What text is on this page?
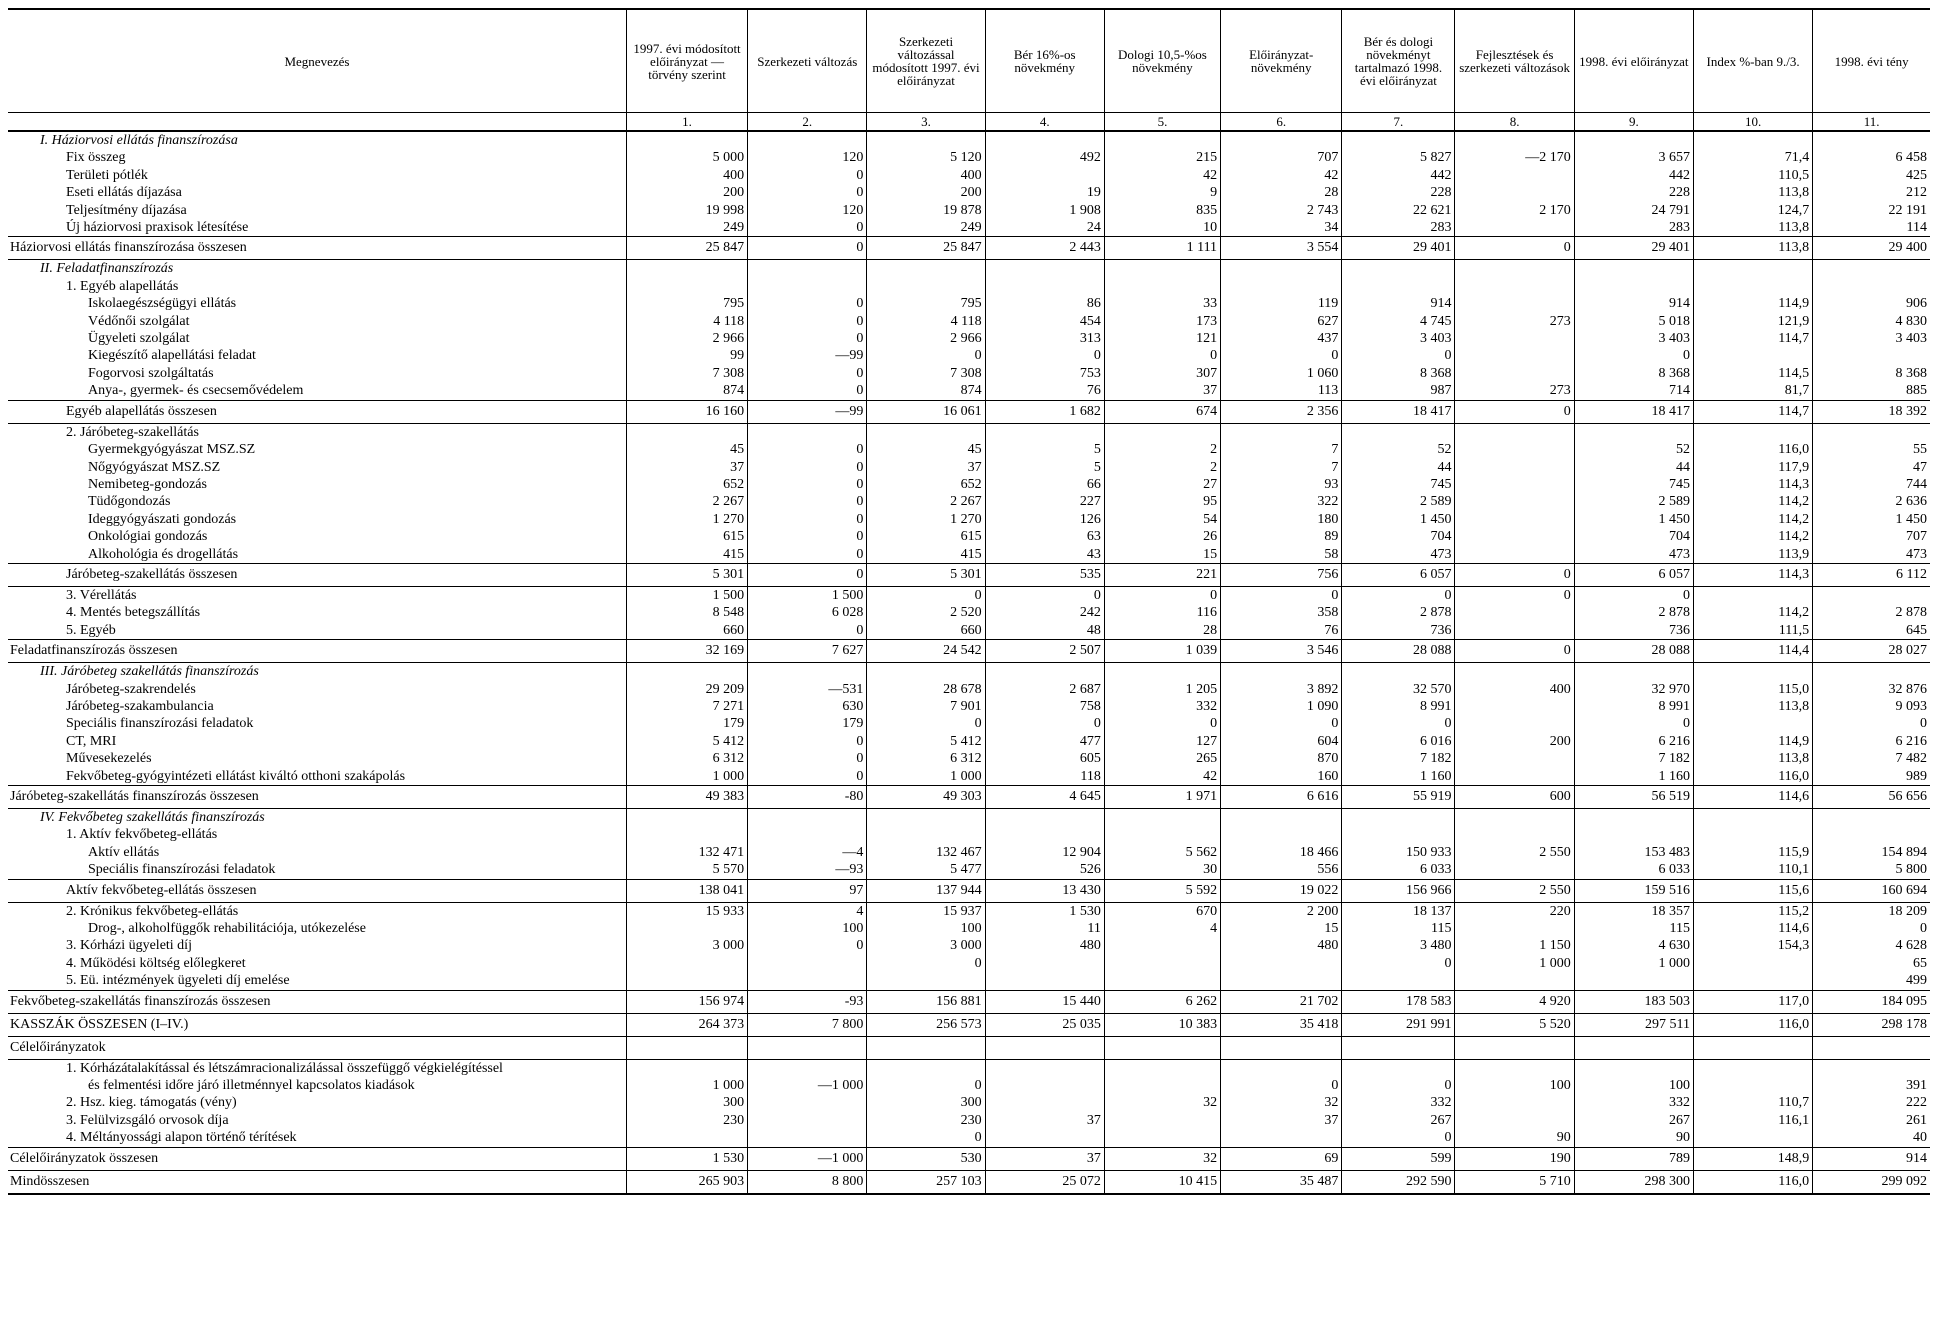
Megnevezés	1997. évi módosított előirányzat — törvény szerint	Szerkezeti változás	Szerkezeti változással módosított 1997. évi előirányzat	Bér 16%-os növekmény	Dologi 10,5-%os növekmény	Előirányzat-növekmény	Bér és dologi növekményt tartalmazó 1998. évi előirányzat	Fejlesztések és szerkezeti változások	1998. évi előirányzat	Index %-ban 9./3.	1998. évi tény
	1.	2.	3.	4.	5.	6.	7.	8.	9.	10.	11.
I. Háziorvosi ellátás finanszírozása											
Fix összeg	5 000	120	5 120	492	215	707	5 827	—2 170	3 657	71,4	6 458
Területi pótlék	400	0	400		42	42	442		442	110,5	425
Eseti ellátás díjazása	200	0	200	19	9	28	228		228	113,8	212
Teljesítmény díjazása	19 998	120	19 878	1 908	835	2 743	22 621	2 170	24 791	124,7	22 191
Új háziorvosi praxisok létesítése	249	0	249	24	10	34	283		283	113,8	114
Háziorvosi ellátás finanszírozása összesen	25 847	0	25 847	2 443	1 111	3 554	29 401	0	29 401	113,8	29 400
II. Feladatfinanszírozás											
1. Egyéb alapellátás											
Iskolaegészségügyi ellátás	795	0	795	86	33	119	914		914	114,9	906
Védőnői szolgálat	4 118	0	4 118	454	173	627	4 745	273	5 018	121,9	4 830
Ügyeleti szolgálat	2 966	0	2 966	313	121	437	3 403		3 403	114,7	3 403
Kiegészítő alapellátási feladat	99	—99	0	0	0	0	0		0		
Fogorvosi szolgáltatás	7 308	0	7 308	753	307	1 060	8 368		8 368	114,5	8 368
Anya-, gyermek- és csecsemővédelem	874	0	874	76	37	113	987	273	714	81,7	885
Egyéb alapellátás összesen	16 160	—99	16 061	1 682	674	2 356	18 417	0	18 417	114,7	18 392
2. Járóbeteg-szakellátás											
Gyermekgyógyászat MSZ.SZ	45	0	45	5	2	7	52		52	116,0	55
Nőgyógyászat MSZ.SZ	37	0	37	5	2	7	44		44	117,9	47
Nemibeteg-gondozás	652	0	652	66	27	93	745		745	114,3	744
Tüdőgondozás	2 267	0	2 267	227	95	322	2 589		2 589	114,2	2 636
Ideggyógyászati gondozás	1 270	0	1 270	126	54	180	1 450		1 450	114,2	1 450
Onkológiai gondozás	615	0	615	63	26	89	704		704	114,2	707
Alkohológia és drogellátás	415	0	415	43	15	58	473		473	113,9	473
Járóbeteg-szakellátás összesen	5 301	0	5 301	535	221	756	6 057	0	6 057	114,3	6 112
3. Vérellátás	1 500	1 500	0	0	0	0	0	0	0		
4. Mentés betegszállítás	8 548	6 028	2 520	242	116	358	2 878		2 878	114,2	2 878
5. Egyéb	660	0	660	48	28	76	736		736	111,5	645
Feladatfinanszírozás összesen	32 169	7 627	24 542	2 507	1 039	3 546	28 088	0	28 088	114,4	28 027
III. Járóbeteg szakellátás finanszírozás											
Járóbeteg-szakrendelés	29 209	—531	28 678	2 687	1 205	3 892	32 570	400	32 970	115,0	32 876
Járóbeteg-szakambulancia	7 271	630	7 901	758	332	1 090	8 991		8 991	113,8	9 093
Speciális finanszírozási feladatok	179	179	0	0	0	0	0		0		0
CT, MRI	5 412	0	5 412	477	127	604	6 016	200	6 216	114,9	6 216
Művesekezelés	6 312	0	6 312	605	265	870	7 182		7 182	113,8	7 482
Fekvőbeteg-gyógyintézeti ellátást kiváltó otthoni szakápolás	1 000	0	1 000	118	42	160	1 160		1 160	116,0	989
Járóbeteg-szakellátás finanszírozás összesen	49 383	-80	49 303	4 645	1 971	6 616	55 919	600	56 519	114,6	56 656
IV. Fekvőbeteg szakellátás finanszírozás											
1. Aktív fekvőbeteg-ellátás											
Aktív ellátás	132 471	—4	132 467	12 904	5 562	18 466	150 933	2 550	153 483	115,9	154 894
Speciális finanszírozási feladatok	5 570	—93	5 477	526	30	556	6 033		6 033	110,1	5 800
Aktív fekvőbeteg-ellátás összesen	138 041	97	137 944	13 430	5 592	19 022	156 966	2 550	159 516	115,6	160 694
2. Krónikus fekvőbeteg-ellátás	15 933	4	15 937	1 530	670	2 200	18 137	220	18 357	115,2	18 209
Drog-, alkoholfüggők rehabilitációja, utókezelése		100	100	11	4	15	115		115	114,6	0
3. Kórházi ügyeleti díj	3 000	0	3 000	480		480	3 480	1 150	4 630	154,3	4 628
4. Működési költség előlegkeret			0				0	1 000	1 000		65
5. Eü. intézmények ügyeleti díj emelése											499
Fekvőbeteg-szakellátás finanszírozás összesen	156 974	-93	156 881	15 440	6 262	21 702	178 583	4 920	183 503	117,0	184 095
KASSZÁK ÖSSZESEN (I–IV.)	264 373	7 800	256 573	25 035	10 383	35 418	291 991	5 520	297 511	116,0	298 178
Célelőirányzatok											
1. Kórházátalakítással és létszámracionalizálással összefüggő végkielégítéssel											
és felmentési időre járó illetménnyel kapcsolatos kiadások	1 000	—1 000	0			0	0	100	100		391
2. Hsz. kieg. támogatás (vény)	300		300		32	32	332		332	110,7	222
3. Felülvizsgáló orvosok díja	230		230	37		37	267		267	116,1	261
4. Méltányossági alapon történő térítések			0				0	90	90		40
Célelőirányzatok összesen	1 530	—1 000	530	37	32	69	599	190	789	148,9	914
Mindösszesen	265 903	8 800	257 103	25 072	10 415	35 487	292 590	5 710	298 300	116,0	299 092
